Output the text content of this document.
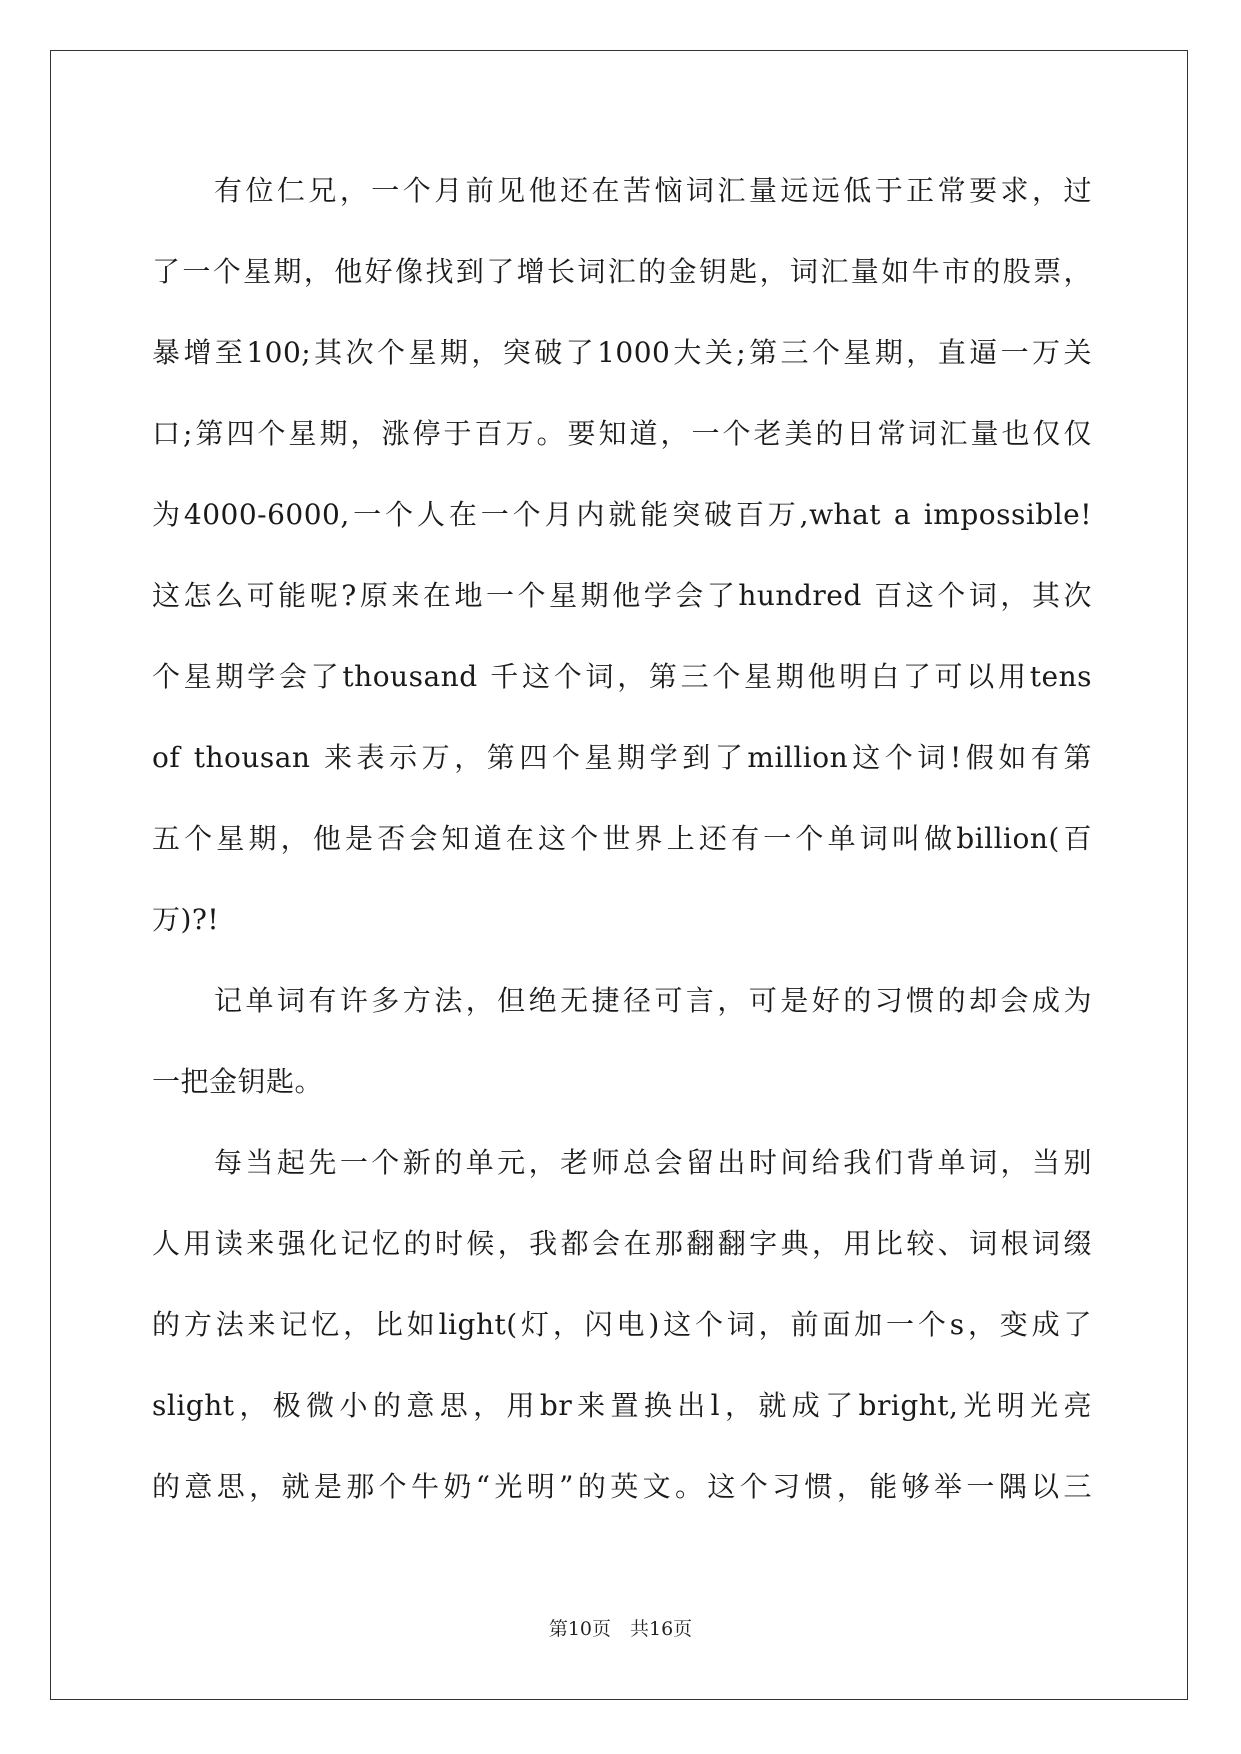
有位仁兄，一个月前见他还在苦恼词汇量远远低于正常要求，过
了一个星期，他好像找到了增长词汇的金钥匙，词汇量如牛市的股票，
暴增至100;其次个星期，突破了1000大关;第三个星期，直逼一万关
口;第四个星期，涨停于百万。要知道，一个老美的日常词汇量也仅仅
为4000-6000,一个人在一个月内就能突破百万,what a impossible!
这怎么可能呢?原来在地一个星期他学会了hundred 百这个词，其次
个星期学会了thousand 千这个词，第三个星期他明白了可以用tens
of thousan 来表示万，第四个星期学到了million这个词!假如有第
五个星期，他是否会知道在这个世界上还有一个单词叫做billion(百
万)?!
记单词有许多方法，但绝无捷径可言，可是好的习惯的却会成为
一把金钥匙。
每当起先一个新的单元，老师总会留出时间给我们背单词，当别
人用读来强化记忆的时候，我都会在那翻翻字典，用比较、词根词缀
的方法来记忆，比如light(灯，闪电)这个词，前面加一个s，变成了
slight，极微小的意思，用br来置换出l，就成了bright,光明光亮
的意思，就是那个牛奶“光明”的英文。这个习惯，能够举一隅以三
第10页　共16页
